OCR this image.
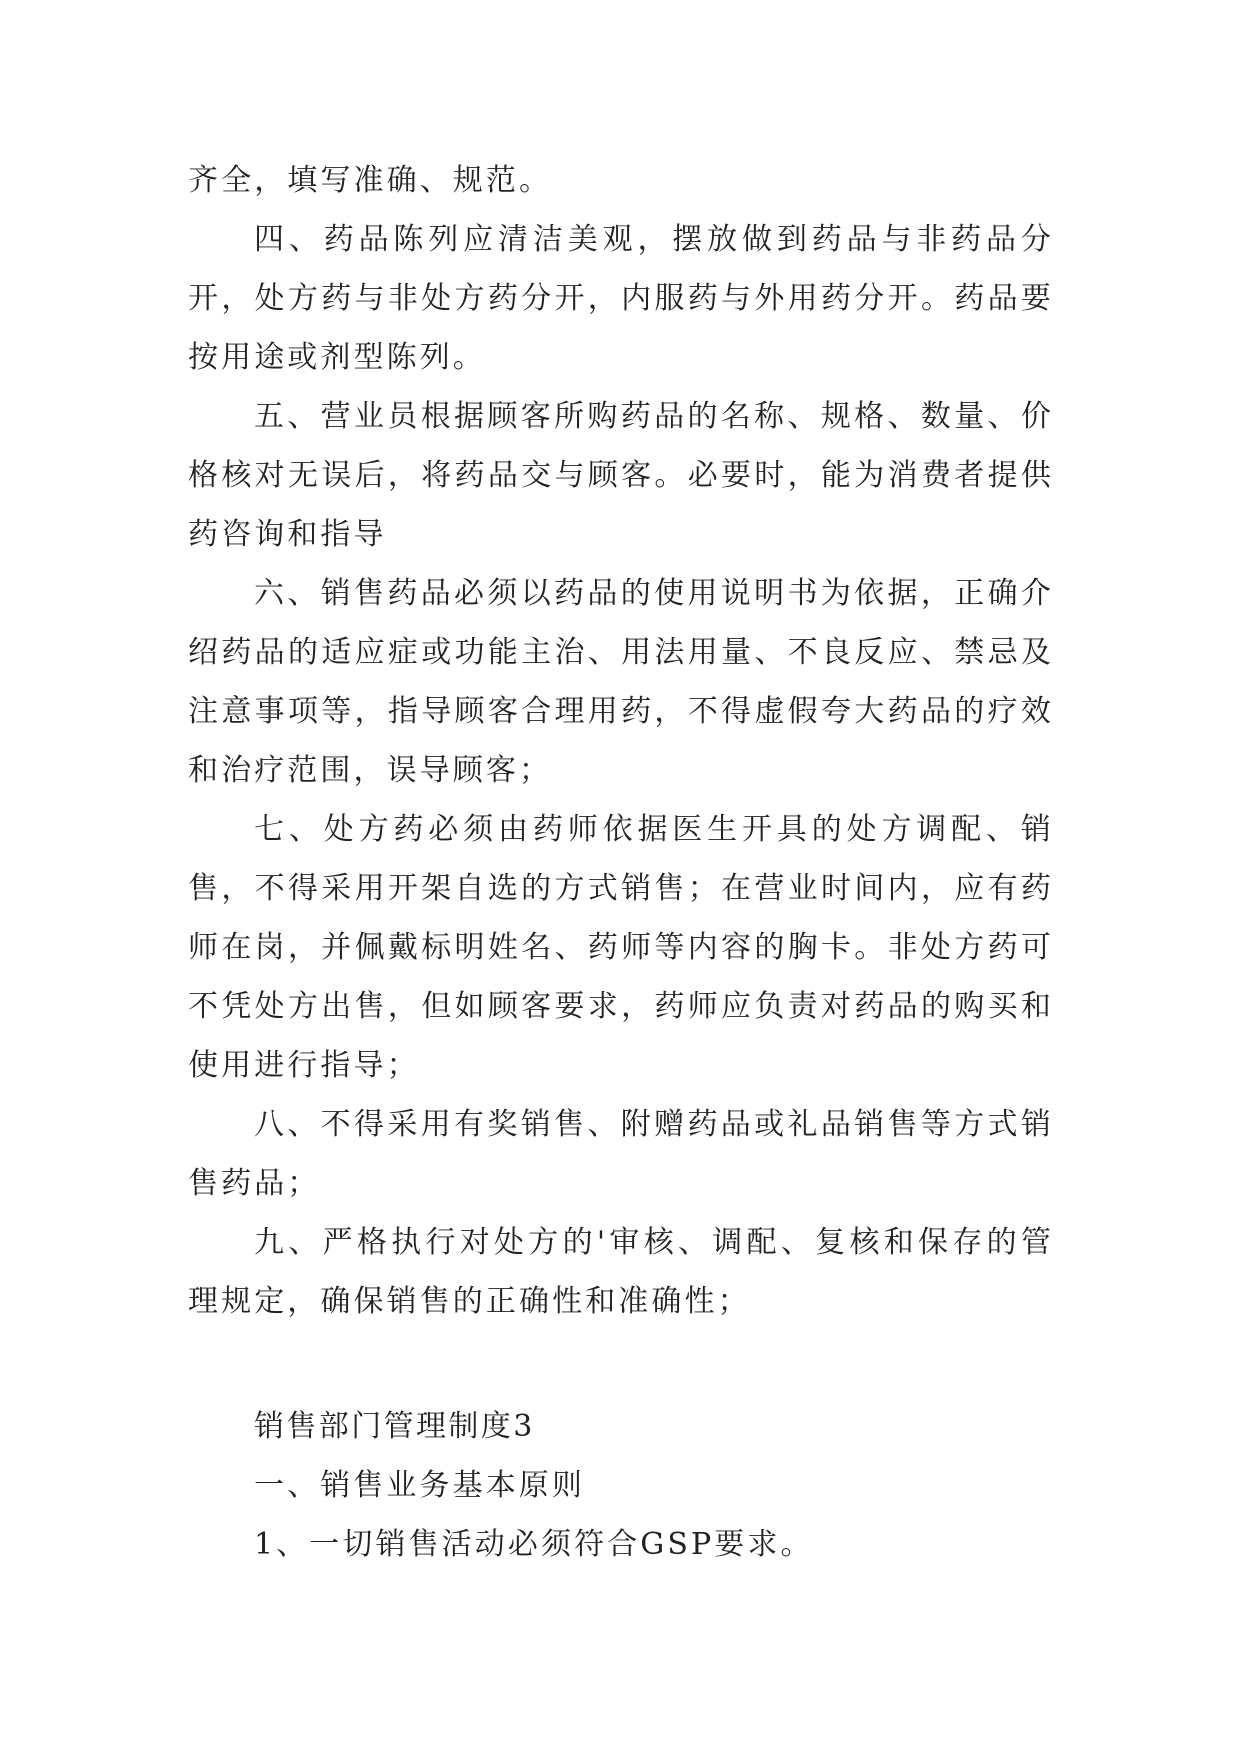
齐全，填写准确、规范。

四、药品陈列应清洁美观，摆放做到药品与非药品分开，处方药与非处方药分开，内服药与外用药分开。药品要按用途或剂型陈列。

五、营业员根据顾客所购药品的名称、规格、数量、价格核对无误后，将药品交与顾客。必要时，能为消费者提供药咨询和指导

六、销售药品必须以药品的使用说明书为依据，正确介绍药品的适应症或功能主治、用法用量、不良反应、禁忌及注意事项等，指导顾客合理用药，不得虚假夸大药品的疗效和治疗范围，误导顾客；

七、处方药必须由药师依据医生开具的处方调配、销售，不得采用开架自选的方式销售；在营业时间内，应有药师在岗，并佩戴标明姓名、药师等内容的胸卡。非处方药可不凭处方出售，但如顾客要求，药师应负责对药品的购买和使用进行指导；

八、不得采用有奖销售、附赠药品或礼品销售等方式销售药品；

九、严格执行对处方的'审核、调配、复核和保存的管理规定，确保销售的正确性和准确性；

销售部门管理制度3

一、销售业务基本原则

1、一切销售活动必须符合GSP要求。
